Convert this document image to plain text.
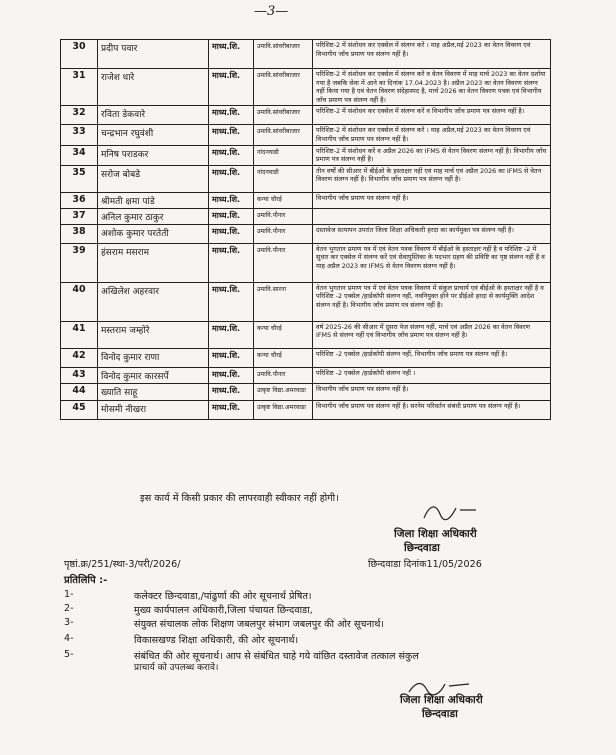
—3—
30	प्रदीप पवार	माध्य.शि.	उमावि.सांवरीबाजार	परिशिष्ट-2 में संशोधन कर एक्सेल में संलग्न करें । माह अप्रैल,मई 2023 का वेतन विवरण एवं विभागीय जाँच प्रमाण पत्र संलग्न नहीं है।
31	राजेश धारे	माध्य.शि.	उमावि.सांवरीबाजार	परिशिष्ट-2 में संशोधन कर एक्सेल में संलग्न करें व वेतन विवरण में माह मार्च 2023 का वेतन दर्शाया गया है जबकि सेवा में आने का दिनांक 17.04.2023 है। अप्रैल 2023 का वेतन विवरण संलग्न नहीं किया गया है एवं वेतन विवरण संदेहास्पद है, मार्च 2026 का वेतन विवरण पत्रक एवं विभागीय जाँच प्रमाण पत्र संलग्न नहीं है।
32	रविता डेकवारे	माध्य.शि.	उमावि.सांवरीबाजार	परिशिष्ट-2 में संशोधन कर एक्सेल में संलग्न करें व विभागीय जाँच प्रमाण पत्र संलग्न नहीं है।
33	चन्द्रभान रघुवंशी	माध्य.शि.	उमावि.सांवरीबाजार	परिशिष्ट-2 में संशोधन कर एक्सेल में संलग्न करें । माह अप्रैल,मई 2023 का वेतन विवरण एवं विभागीय जाँच प्रमाण पत्र संलग्न नहीं है।
34	मनिष पराडकर	माध्य.शि.	नांदनवाडी	परिशिष्ट-2 में संशोधन करें व अप्रैल 2026 का IFMS से वेतन विवरण संलग्न नहीं है। विभागीय जाँच प्रमाण पत्र संलग्न नहीं है।
35	सरोज बोबडे	माध्य.शि.	नांदनवाडी	तीन वर्षों की सीआर में बीईओ के हस्ताक्षर नहीं एवं माह मार्च एवं अप्रैल 2026 का IFMS से वेतन विवरण संलग्न नहीं है। विभागीय जाँच प्रमाण पत्र संलग्न नहीं है।
36	श्रीमती क्षमा पांडे	माध्य.शि.	कन्या चौरई	विभागीय जाँच प्रमाण पत्र संलग्न नहीं है।
37	अनिल कुमार ठाकुर	माध्य.शि.	उमावि.पौनार	
38	अशोक कुमार परतेती	माध्य.शि.	उमावि.पौनार	दस्तावेज सत्यापन उपरांत जिला शिक्षा अधिकारी हरदा का कार्यमुक्त पत्र संलग्न नहीं है।
39	हंसराम मसराम	माध्य.शि.	उमावि.पौनार	वेतन भुगतान प्रमाण पत्र में एवं वेतन पत्रक विवरण में बीईओ के हस्ताक्षर नहीं है व परिशिष्ट -2 में सुधार कर एक्सेल में संलग्न करें एवं सेवापुस्तिका के पदभार ग्रहण की प्रविष्टि का पृष्ठ संलग्न नहीं है व माह अप्रैल 2023 का IFMS से वेतन विवरण संलग्न नहीं है।
40	अखिलेश अहरवार	माध्य.शि.	उमावि.सारना	वेतन भुगतान प्रमाण पत्र में एवं वेतन पत्रक विवरण में संकुल प्राचार्य एवं बीईओ के हस्ताक्षर नहीं है व परिशिष्ट -2 एक्सेल /हार्डकॉपी संलग्न नहीं, नवनियुक्त होने पर डीईओ हरदा से कार्यमुक्ति आदेश संलग्न नहीं है। विभागीय जाँच प्रमाण पत्र संलग्न नहीं है।
41	मस्तराम जम्होरे	माध्य.शि.	कन्या चौरई	वर्ष 2025-26 की सीआर में दुसरा पेज संलग्न नहीं, मार्च एवं अप्रैल 2026 का वेतन विवरण IFMS से संलग्न नहीं एवं विभागीय जाँच प्रमाण पत्र संलग्न नहीं है।
42	विनोद कुमार राणा	माध्य.शि.	कन्या चौरई	परिशिष्ट -2 एक्सेल /हार्डकॉपी संलग्न नहीं, विभागीय जाँच प्रमाण पत्र संलग्न नहीं है।
43	विनोद कुमार कारसर्पे	माध्य.शि.	उमावि.पौनार	परिशिष्ट -2 एक्सेल /हार्डकॉपी संलग्न नहीं ।
44	ख्याति साहू	माध्य.शि.	उत्कृष्ट विद्या.अमरवाडा	विभागीय जाँच प्रमाण पत्र संलग्न नहीं है।
45	मोसमी नीखरा	माध्य.शि.	उत्कृष्ट विद्या.अमरवाडा	विभागीय जाँच प्रमाण पत्र संलग्न नहीं है। सरनेम परिवर्तन संबंधी प्रमाण पत्र संलग्न नहीं है।
इस कार्य में किसी प्रकार की लापरवाही स्वीकार नहीं होगी।
जिला शिक्षा अधिकारी
छिन्दवाडा
पृष्ठां.क्र/251/स्था-3/परी/2026/	छिन्दवाडा दिनांक11/05/2026
प्रतिलिपि :-
1-	कलेक्टर छिन्दवाडा,/पांढुर्णा की ओर सूचनार्थ प्रेषित।
2-	मुख्य कार्यपालन अधिकारी,जिला पंचायत छिन्दवाडा,
3-	संयुक्त संचालक लोक शिक्षण जबलपुर संभाग जबलपुर की ओर सूचनार्थ।
4-	विकासखण्ड शिक्षा अधिकारी, की ओर सूचनार्थ।
5-	संबंधित की ओर सूचनार्थ। आप से संबंधित चाहे गये वांछित दस्तावेज तत्काल संकुल
प्राचार्य को उपलब्ध करावे।
जिला शिक्षा अधिकारी
छिन्दवाडा
